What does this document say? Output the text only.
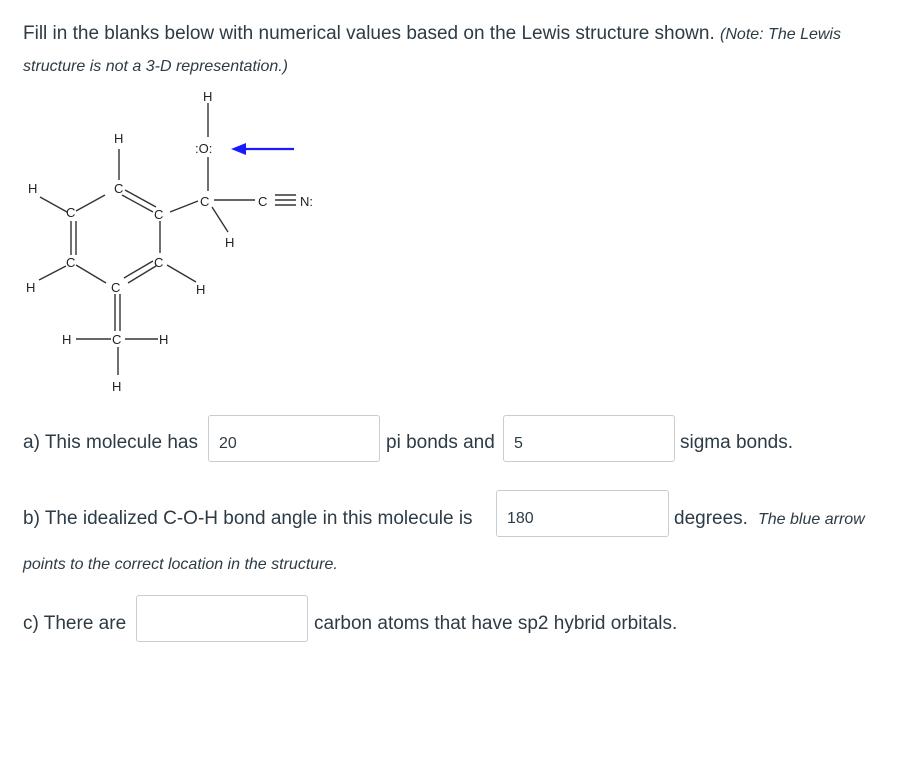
Fill in the blanks below with numerical values based on the Lewis structure shown. (Note: The Lewis structure is not a 3-D representation.)
H
:O:
C	C	N:
H
H
C
C
C
H
C	C
H	C	H
H	C	H
H
a) This molecule has
20	pi bonds and
5	sigma bonds.
b) The idealized C-O-H bond angle in this molecule is
180	degrees. The blue arrow
points to the correct location in the structure.
c) There are	carbon atoms that have sp2 hybrid orbitals.
